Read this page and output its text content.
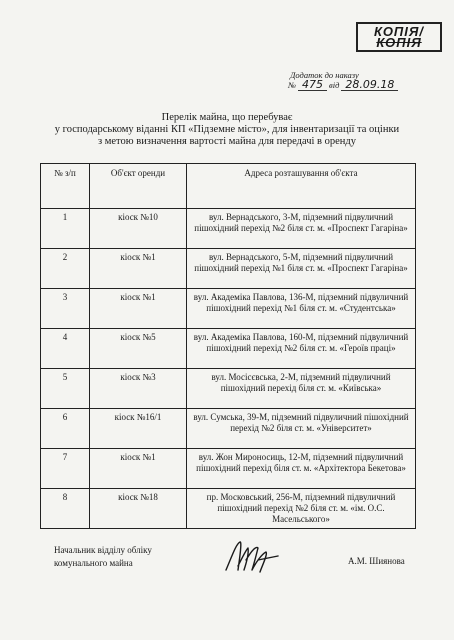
КОПІЯ/
КОПІЯ
Додаток до наказу
№ 475 від 28.09.18
Перелік майна, що перебуває
у господарському віданні КП «Підземне місто», для інвентаризації та оцінки
з метою визначення вартості майна для передачі в оренду
№ з/п	Об'єкт оренди	Адреса розташування об'єкта
1	кіоск №10	вул. Вернадського, 3-М, підземний підвуличний пішохідний перехід №2 біля ст. м. «Проспект Гагаріна»
2	кіоск №1	вул. Вернадського, 5-М, підземний підвуличний пішохідний перехід №1 біля ст. м. «Проспект Гагаріна»
3	кіоск №1	вул. Академіка Павлова, 136-М, підземний підвуличний пішохідний перехід №1 біля ст. м. «Студентська»
4	кіоск №5	вул. Академіка Павлова, 160-М, підземний підвуличний пішохідний перехід №2 біля ст. м. «Героїв праці»
5	кіоск №3	вул. Мосісєвська, 2-М, підземний підвуличний пішохідний перехід біля ст. м. «Київська»
6	кіоск №16/1	вул. Сумська, 39-М, підземний підвуличний пішохідний перехід №2 біля ст. м. «Університет»
7	кіоск №1	вул. Жон Мироносиць, 12-М, підземний підвуличний пішохідний перехід біля ст. м. «Архітектора Бекетова»
8	кіоск №18	пр. Московський, 256-М, підземний підвуличний пішохідний перехід №2 біля ст. м. «ім. О.С. Масельського»
Начальник відділу обліку
комунального майна	А.М. Шиянова
